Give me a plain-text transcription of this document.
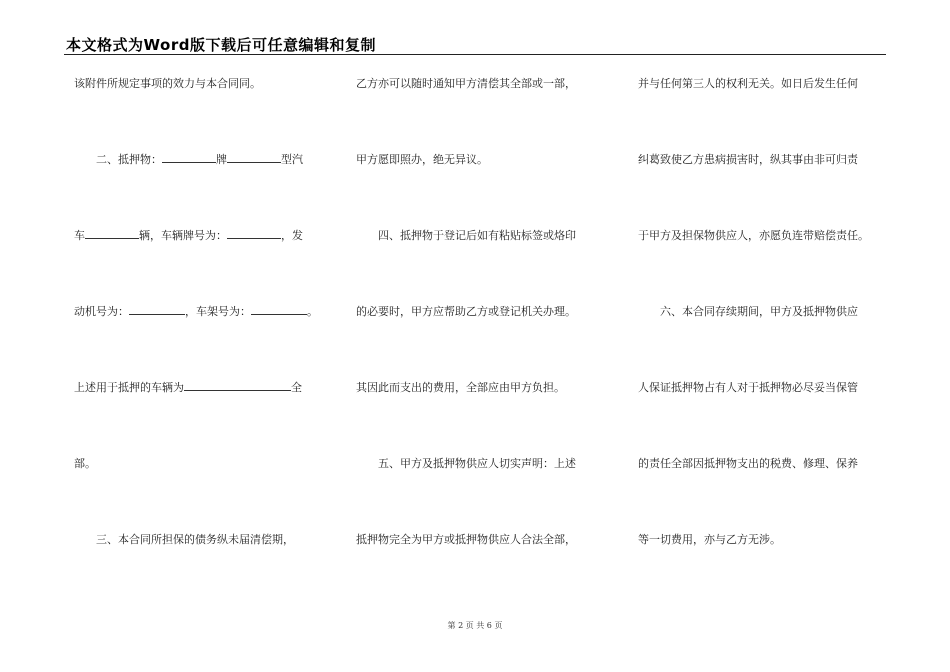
本文格式为Word版下载后可任意编辑和复制
该附件所规定事项的效力与本合同同。
　　二、抵押物：	牌	型汽
车	辆，车辆牌号为：	，发
动机号为：	，车架号为：	。
上述用于抵押的车辆为	全
部。
　　三、本合同所担保的债务纵未届清偿期，
乙方亦可以随时通知甲方清偿其全部或一部，
甲方愿即照办，绝无异议。
　　四、抵押物于登记后如有粘贴标签或烙印
的必要时，甲方应帮助乙方或登记机关办理。
其因此而支出的费用，全部应由甲方负担。
　　五、甲方及抵押物供应人切实声明：上述
抵押物完全为甲方或抵押物供应人合法全部，
并与任何第三人的权利无关。如日后发生任何
纠葛致使乙方患病损害时，纵其事由非可归责
于甲方及担保物供应人，亦愿负连带赔偿责任。
　　六、本合同存续期间，甲方及抵押物供应
人保证抵押物占有人对于抵押物必尽妥当保管
的责任全部因抵押物支出的税费、修理、保养
等一切费用，亦与乙方无涉。
第 2 页 共 6 页
